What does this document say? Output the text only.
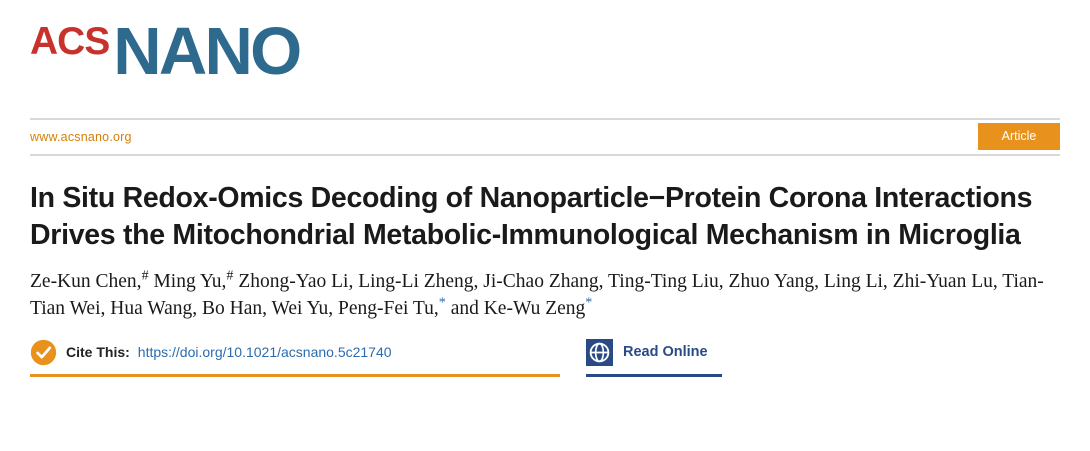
ACS NANO
www.acsnano.org	Article
In Situ Redox-Omics Decoding of Nanoparticle−Protein Corona Interactions Drives the Mitochondrial Metabolic-Immunological Mechanism in Microglia
Ze-Kun Chen,# Ming Yu,# Zhong-Yao Li, Ling-Li Zheng, Ji-Chao Zhang, Ting-Ting Liu, Zhuo Yang, Ling Li, Zhi-Yuan Lu, Tian-Tian Wei, Hua Wang, Bo Han, Wei Yu, Peng-Fei Tu,* and Ke-Wu Zeng*
Cite This: https://doi.org/10.1021/acsnano.5c21740	Read Online
